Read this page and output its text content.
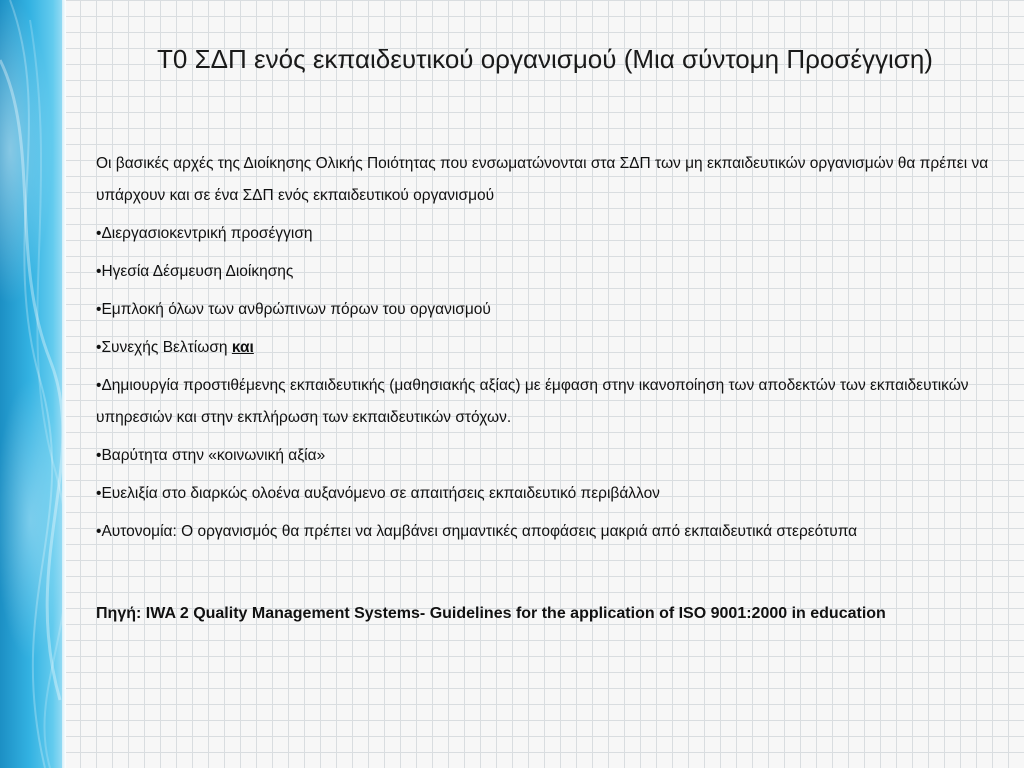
Τ0 ΣΔΠ ενός εκπαιδευτικού οργανισμού (Μια σύντομη Προσέγγιση)

Οι βασικές αρχές της Διοίκησης Ολικής Ποιότητας που ενσωματώνονται στα ΣΔΠ των μη εκπαιδευτικών οργανισμών θα πρέπει να υπάρχουν και σε ένα ΣΔΠ ενός εκπαιδευτικού οργανισμού

•Διεργασιοκεντρική προσέγγιση

•Ηγεσία Δέσμευση Διοίκησης

•Εμπλοκή όλων των ανθρώπινων πόρων του οργανισμού

•Συνεχής Βελτίωση και

•Δημιουργία προστιθέμενης εκπαιδευτικής (μαθησιακής αξίας) με έμφαση στην ικανοποίηση των αποδεκτών των εκπαιδευτικών υπηρεσιών και στην εκπλήρωση των εκπαιδευτικών στόχων.

•Βαρύτητα στην «κοινωνική αξία»

•Ευελιξία στο διαρκώς ολοένα αυξανόμενο σε απαιτήσεις εκπαιδευτικό περιβάλλον

•Αυτονομία: Ο οργανισμός θα πρέπει να λαμβάνει σημαντικές αποφάσεις μακριά από εκπαιδευτικά στερεότυπα

Πηγή: IWA 2 Quality Management Systems- Guidelines for the application of ISO 9001:2000 in education
